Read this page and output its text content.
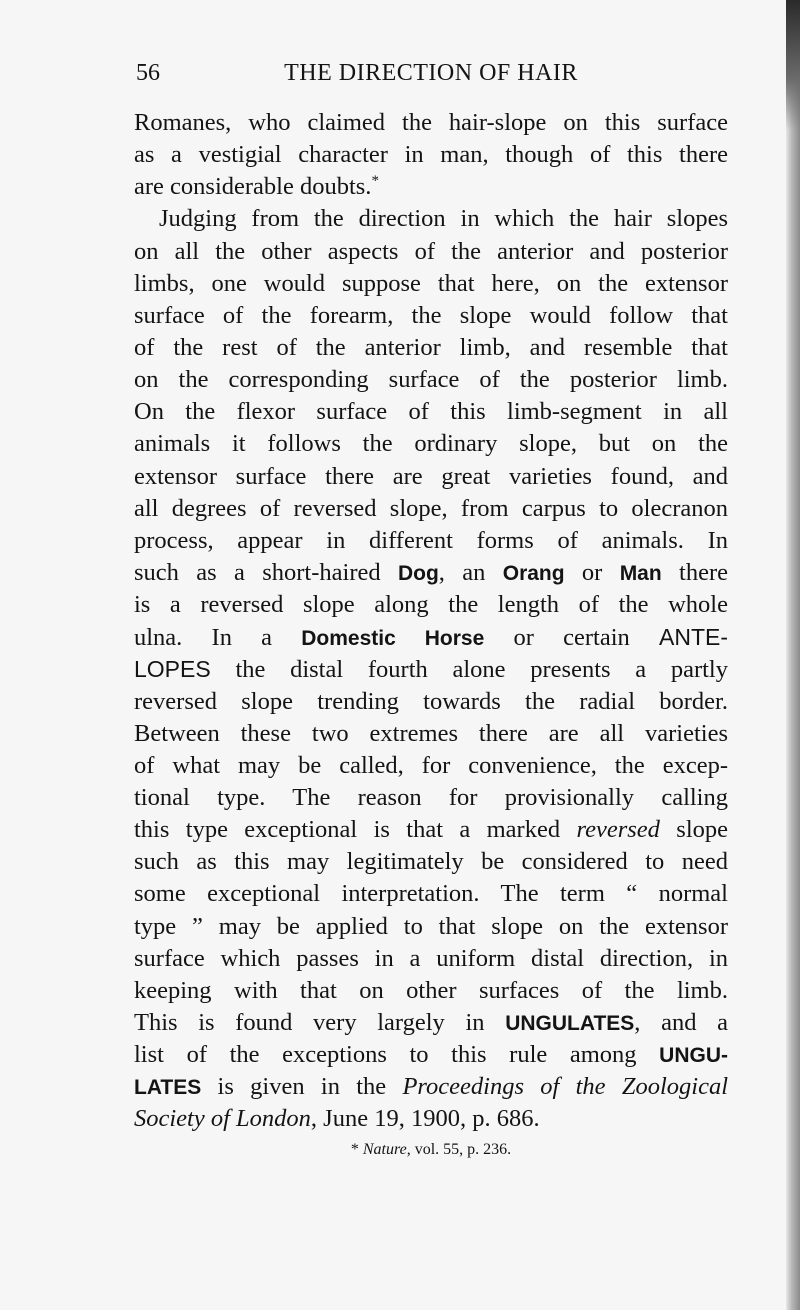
56	THE DIRECTION OF HAIR
Romanes, who claimed the hair-slope on this surface
as a vestigial character in man, though of this there
are considerable doubts.*
Judging from the direction in which the hair slopes
on all the other aspects of the anterior and posterior
limbs, one would suppose that here, on the extensor
surface of the forearm, the slope would follow that
of the rest of the anterior limb, and resemble that
on the corresponding surface of the posterior limb.
On the flexor surface of this limb-segment in all
animals it follows the ordinary slope, but on the
extensor surface there are great varieties found, and
all degrees of reversed slope, from carpus to olecranon
process, appear in different forms of animals. In
such as a short-haired Dog, an Orang or Man there
is a reversed slope along the length of the whole
ulna. In a Domestic Horse or certain ANTE-
LOPES the distal fourth alone presents a partly
reversed slope trending towards the radial border.
Between these two extremes there are all varieties
of what may be called, for convenience, the excep-
tional type. The reason for provisionally calling
this type exceptional is that a marked reversed slope
such as this may legitimately be considered to need
some exceptional interpretation. The term “ normal
type ” may be applied to that slope on the extensor
surface which passes in a uniform distal direction, in
keeping with that on other surfaces of the limb.
This is found very largely in UNGULATES, and a
list of the exceptions to this rule among UNGU-
LATES is given in the Proceedings of the Zoological
Society of London, June 19, 1900, p. 686.
* Nature, vol. 55, p. 236.
